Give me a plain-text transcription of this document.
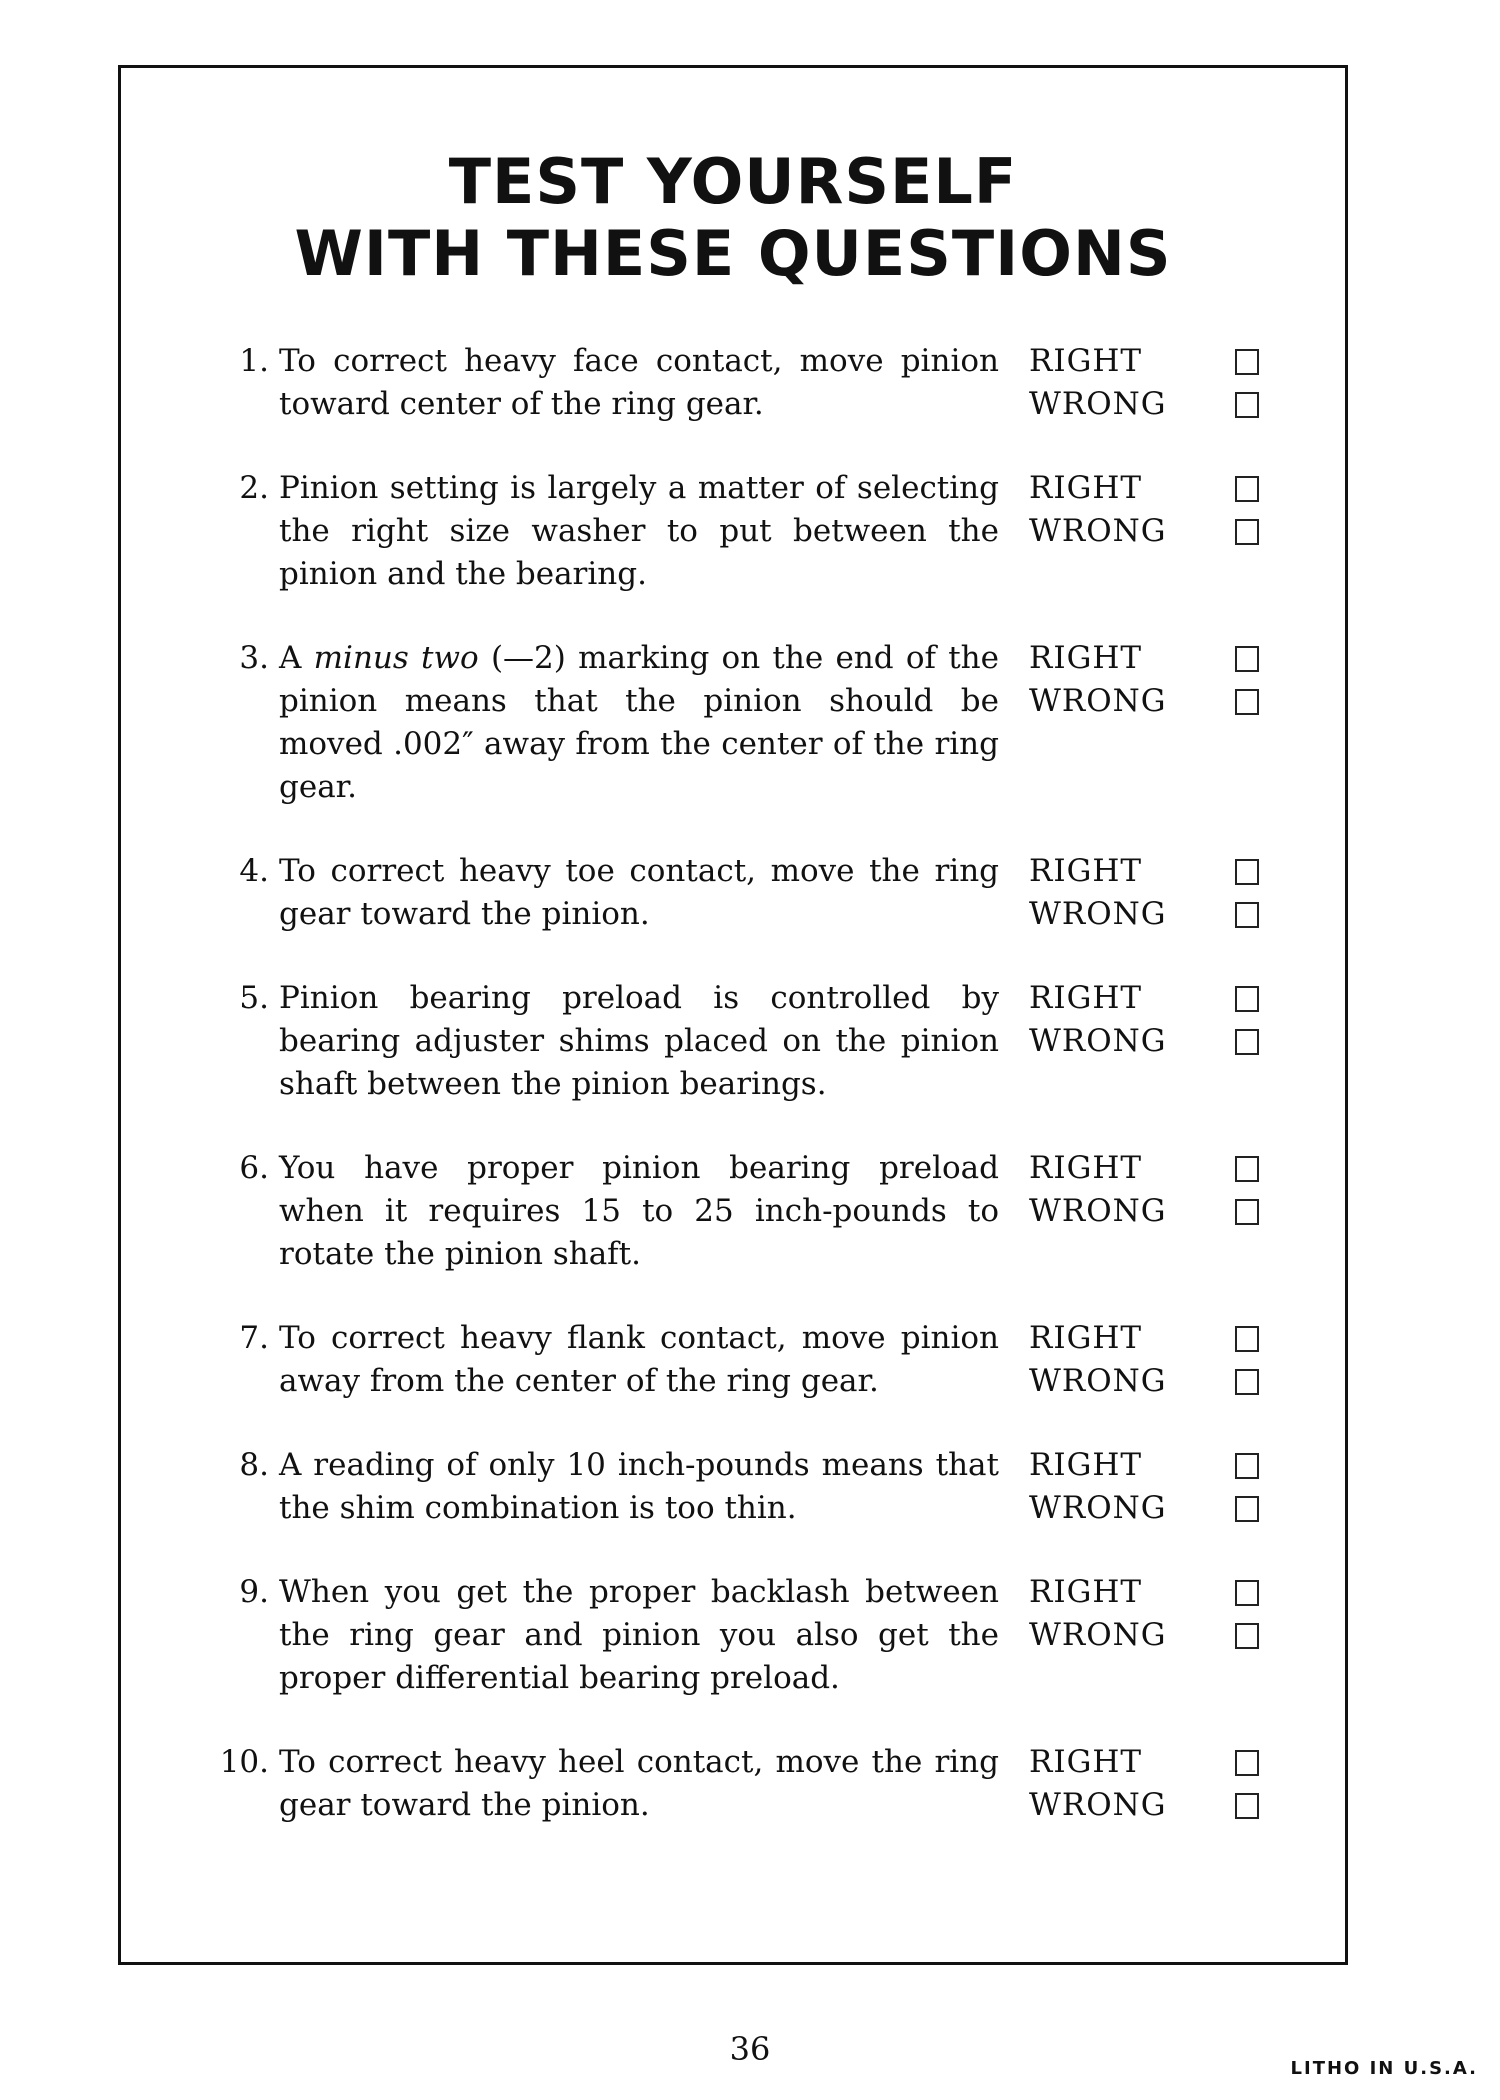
TEST YOURSELF
WITH THESE QUESTIONS
1. To correct heavy face contact, move pinion toward center of the ring gear.
RIGHT
WRONG
2. Pinion setting is largely a matter of selecting the right size washer to put between the pinion and the bearing.
RIGHT
WRONG
3. A minus two (—2) marking on the end of the pinion means that the pinion should be moved .002″ away from the center of the ring gear.
RIGHT
WRONG
4. To correct heavy toe contact, move the ring gear toward the pinion.
RIGHT
WRONG
5. Pinion bearing preload is controlled by bearing adjuster shims placed on the pinion shaft between the pinion bearings.
RIGHT
WRONG
6. You have proper pinion bearing preload when it requires 15 to 25 inch-pounds to rotate the pinion shaft.
RIGHT
WRONG
7. To correct heavy flank contact, move pinion away from the center of the ring gear.
RIGHT
WRONG
8. A reading of only 10 inch-pounds means that the shim combination is too thin.
RIGHT
WRONG
9. When you get the proper backlash between the ring gear and pinion you also get the proper differential bearing preload.
RIGHT
WRONG
10. To correct heavy heel contact, move the ring gear toward the pinion.
RIGHT
WRONG
36
LITHO IN U.S.A.
